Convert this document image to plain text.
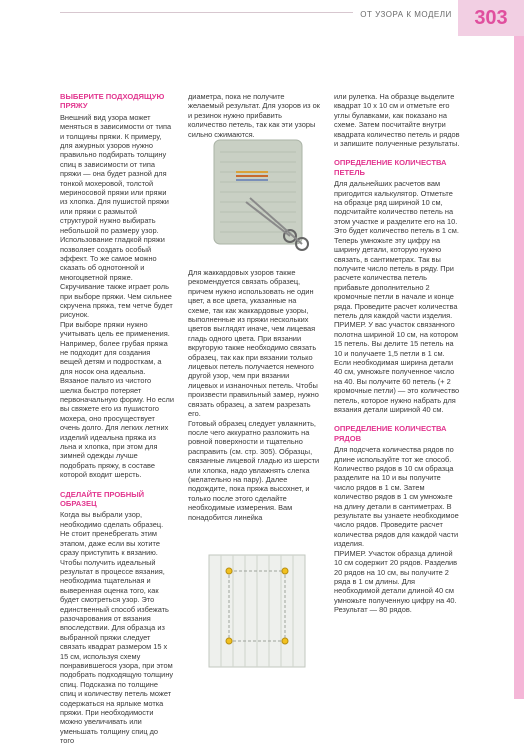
ОТ УЗОРА К МОДЕЛИ	303
ВЫБЕРИТЕ ПОДХОДЯЩУЮ ПРЯЖУ

Внешний вид узора может меняться в зависимости от типа и толщины пряжи. К примеру, для ажурных узоров нужно правильно подбирать толщину спиц в зависимости от типа пряжи — она будет разной для тонкой мохеровой, толстой мериносовой пряжи или пряжи из хлопка. Для пушистой пряжи или пряжи с размытой структурой нужно выбирать небольшой по размеру узор. Использование гладкой пряжи позволяет создать особый эффект. То же самое можно сказать об однотонной и многоцветной пряже. Скручивание также играет роль при выборе пряжи. Чем сильнее скручена пряжа, тем четче будет рисунок.

При выборе пряжи нужно учитывать цель ее применения. Например, более грубая пряжа не подходит для создания вещей детям и подросткам, а для носок она идеальна. Вязаное пальто из чистого шелка быстро потеряет первоначальную форму. Но если вы свяжете его из пушистого мохера, оно просуществует очень долго. Для легких летних изделий идеальна пряжа из льна и хлопка, при этом для зимней одежды лучше подобрать пряжу, в составе которой входит шерсть.

СДЕЛАЙТЕ ПРОБНЫЙ ОБРАЗЕЦ

Когда вы выбрали узор, необходимо сделать образец. Не стоит пренебрегать этим этапом, даже если вы хотите сразу приступить к вязанию. Чтобы получить идеальный результат в процессе вязания, необходима тщательная и выверенная оценка того, как будет смотреться узор. Это единственный способ избежать разочарования от вязания впоследствии. Для образца из выбранной пряжи следует связать квадрат размером 15 х 15 см, используя схему понравившегося узора, при этом подобрать подходящую толщину спиц. Подсказка по толщине спиц и количеству петель может содержаться на ярлыке мотка пряжи. При необходимости можно увеличивать или уменьшать толщину спиц до того

диаметра, пока не получите желаемый результат. Для узоров из ок и резинок нужно прибавить количество петель, так как эти узоры сильно сжимаются.

Для жаккардовых узоров также рекомендуется связать образец, причем нужно использовать не один цвет, а все цвета, указанные на схеме, так как жаккардовые узоры, выполненные из пряжи нескольких цветов выглядят иначе, чем лицевая гладь одного цвета. При вязании вкругорую также необходимо связать образец, так как при вязании только лицевых петель получается немного другой узор, чем при вязании лицевых и изнаночных петель. Чтобы произвести правильный замер, нужно связать образец, а затем разрезать его.

Готовый образец следует увлажнить, после чего аккуратно разложить на ровной поверхности и тщательно расправить (см. стр. 305). Образцы, связанные лицевой гладью из шерсти или хлопка, надо увлажнять слегка (желательно на пару). Далее подождите, пока пряжа высохнет, и только после этого сделайте необходимые измерения. Вам понадобится линейка

или рулетка. На образце выделите квадрат 10 х 10 см и отметьте его углы булавками, как показано на схеме. Затем посчитайте внутри квадрата количество петель и рядов и запишите полученные результаты.

ОПРЕДЕЛЕНИЕ КОЛИЧЕСТВА ПЕТЕЛЬ

Для дальнейших расчетов вам пригодится калькулятор. Отметьте на образце ряд шириной 10 см, подсчитайте количество петель на этом участке и разделите его на 10. Это будет количество петель в 1 см. Теперь умножьте эту цифру на ширину детали, которую нужно связать, в сантиметрах. Так вы получите число петель в ряду. При расчете количества петель прибавьте дополнительно 2 кромочные петли в начале и конце ряда. Проведите расчет количества петель для каждой части изделия.

ПРИМЕР. У вас участок связанного полотна шириной 10 см, на котором 15 петель. Вы делите 15 петель на 10 и получаете 1,5 петли в 1 см. Если необходимая ширина детали 40 см, умножьте полученное число на 40. Вы получите 60 петель (+ 2 кромочные петли) — это количество петель, которое нужно набрать для вязания детали шириной 40 см.

ОПРЕДЕЛЕНИЕ КОЛИЧЕСТВА РЯДОВ

Для подсчета количества рядов по длине используйте тот же способ. Количество рядов в 10 см образца разделите на 10 и вы получите число рядов в 1 см. Затем количество рядов в 1 см умножьте на длину детали в сантиметрах. В результате вы узнаете необходимое число рядов. Проведите расчет количества рядов для каждой части изделия.

ПРИМЕР. Участок образца длиной 10 см содержит 20 рядов. Разделив 20 рядов на 10 см, вы получите 2 ряда в 1 см длины. Для необходимой детали длиной 40 см умножьте полученную цифру на 40. Результат — 80 рядов.
